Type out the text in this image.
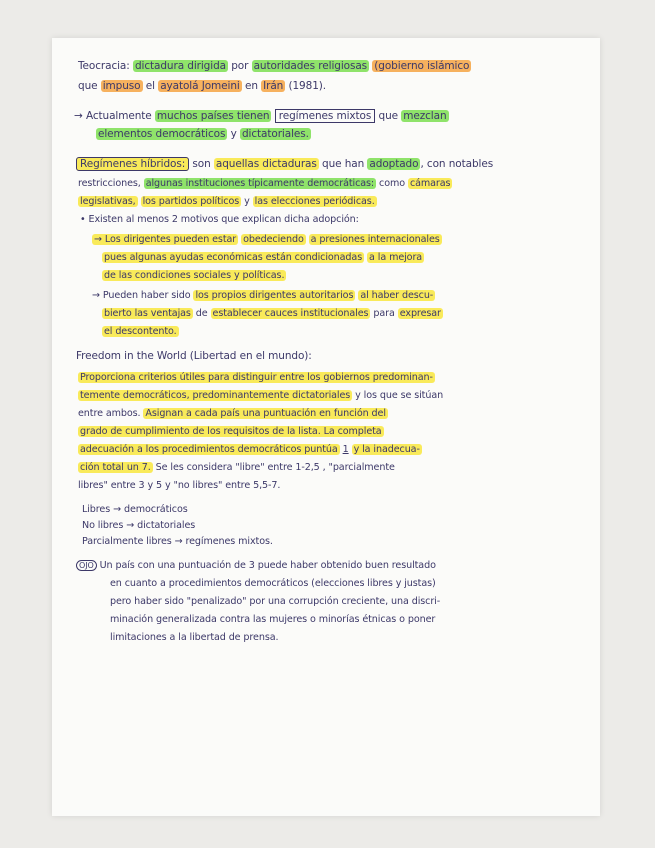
Teocracia: dictadura dirigida por autoridades religiosas (gobierno islámico
que impuso el ayatolá Jomeini en Irán (1981).
→ Actualmente muchos países tienen regímenes mixtos que mezclan
elementos democráticos y dictatoriales.
Regímenes híbridos: son aquellas dictaduras que han adoptado , con notables
restricciones, algunas instituciones típicamente democráticas: como cámaras
legislativas, los partidos políticos y las elecciones periódicas.
• Existen al menos 2 motivos que explican dicha adopción:
→ Los dirigentes pueden estar obedeciendo a presiones internacionales
pues algunas ayudas económicas están condicionadas a la mejora
de las condiciones sociales y políticas.
→ Pueden haber sido los propios dirigentes autoritarios al haber descu-
bierto las ventajas de establecer cauces institucionales para expresar
el descontento.
Freedom in the World (Libertad en el mundo):
Proporciona criterios útiles para distinguir entre los gobiernos predominan-
temente democráticos, predominantemente dictatoriales y los que se sitúan
entre ambos. Asignan a cada país una puntuación en función del
grado de cumplimiento de los requisitos de la lista. La completa
adecuación a los procedimientos democráticos puntúa 1 y la inadecua-
ción total un 7. Se les considera "libre" entre 1-2,5 , "parcialmente
libres" entre 3 y 5 y "no libres" entre 5,5-7.
Libres → democráticos
No libres → dictatoriales
Parcialmente libres → regímenes mixtos.
OJO Un país con una puntuación de 3 puede haber obtenido buen resultado
en cuanto a procedimientos democráticos (elecciones libres y justas)
pero haber sido "penalizado" por una corrupción creciente, una discri-
minación generalizada contra las mujeres o minorías étnicas o poner
limitaciones a la libertad de prensa.
